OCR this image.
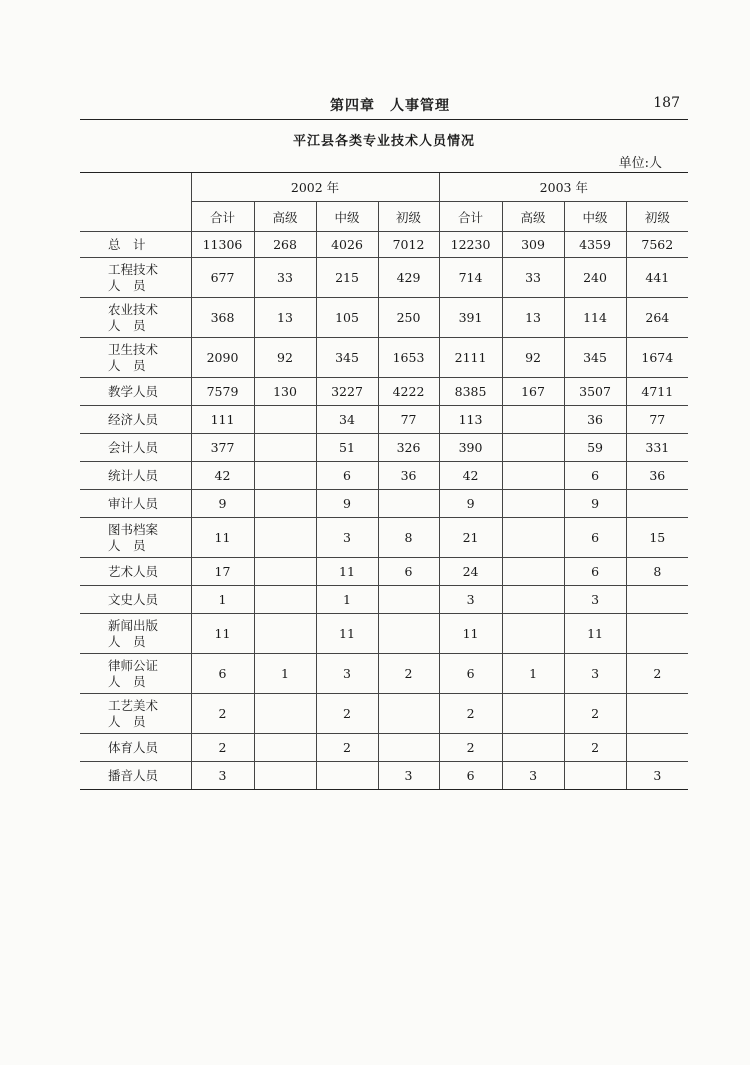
第四章　人事管理	187
平江县各类专业技术人员情况
单位:人
	2002 年				2003 年			
	合计	高级	中级	初级	合计	高级	中级	初级

总　计	11306	268	4026	7012	12230	309	4359	7562

工程技术
人　员	677	33	215	429	714	33	240	441

农业技术
人　员	368	13	105	250	391	13	114	264

卫生技术
人　员	2090	92	345	1653	2111	92	345	1674

教学人员	7579	130	3227	4222	8385	167	3507	4711

经济人员	111		34	77	113		36	77

会计人员	377		51	326	390		59	331

统计人员	42		6	36	42		6	36

审计人员	9		9		9		9	

图书档案
人　员	11		3	8	21		6	15

艺术人员	17		11	6	24		6	8

文史人员	1		1		3		3	

新闻出版
人　员	11		11		11		11	

律师公证
人　员	6	1	3	2	6	1	3	2

工艺美术
人　员	2		2		2		2	

体育人员	2		2		2		2	

播音人员	3			3	6	3		3
